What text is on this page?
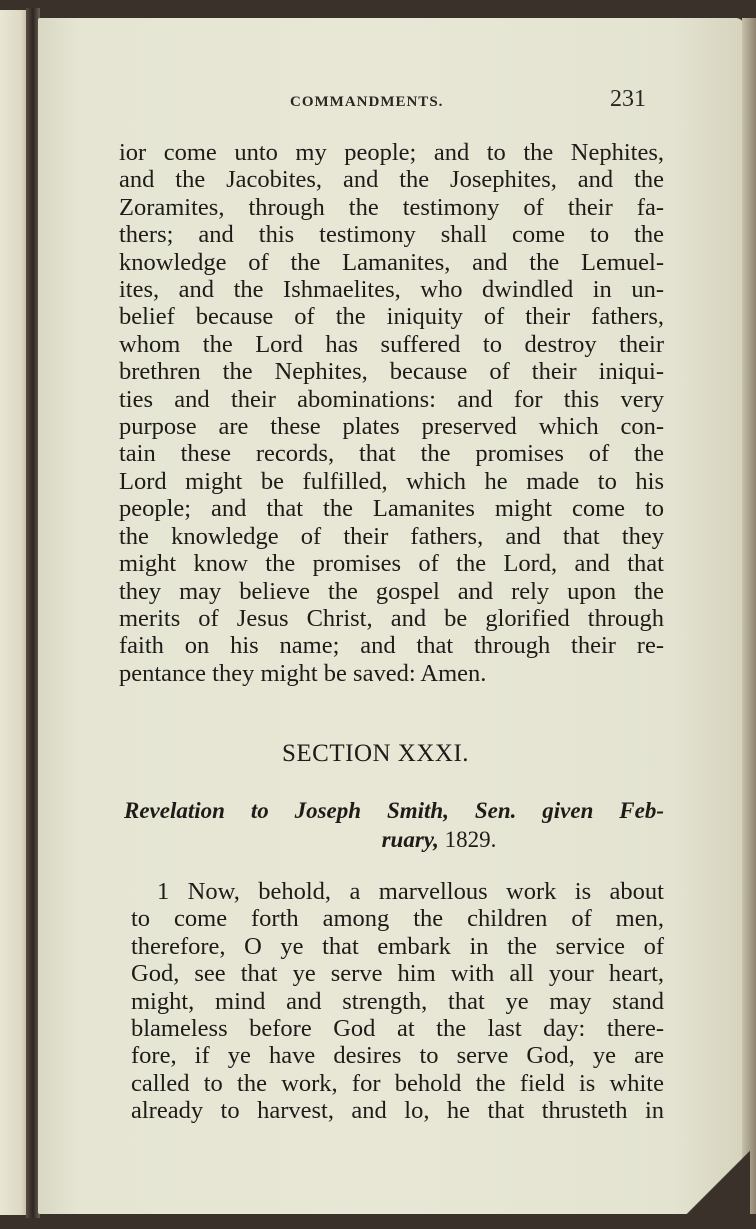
COMMANDMENTS.	231
ior come unto my people; and to the Nephites,
and the Jacobites, and the Josephites, and the
Zoramites, through the testimony of their fa-
thers; and this testimony shall come to the
knowledge of the Lamanites, and the Lemuel-
ites, and the Ishmaelites, who dwindled in un-
belief because of the iniquity of their fathers,
whom the Lord has suffered to destroy their
brethren the Nephites, because of their iniqui-
ties and their abominations: and for this very
purpose are these plates preserved which con-
tain these records, that the promises of the
Lord might be fulfilled, which he made to his
people; and that the Lamanites might come to
the knowledge of their fathers, and that they
might know the promises of the Lord, and that
they may believe the gospel and rely upon the
merits of Jesus Christ, and be glorified through
faith on his name; and that through their re-
pentance they might be saved: Amen.
SECTION XXXI.
Revelation to Joseph Smith, Sen. given Feb-
ruary, 1829.
1 Now, behold, a marvellous work is about
to come forth among the children of men,
therefore, O ye that embark in the service of
God, see that ye serve him with all your heart,
might, mind and strength, that ye may stand
blameless before God at the last day: there-
fore, if ye have desires to serve God, ye are
called to the work, for behold the field is white
already to harvest, and lo, he that thrusteth in
